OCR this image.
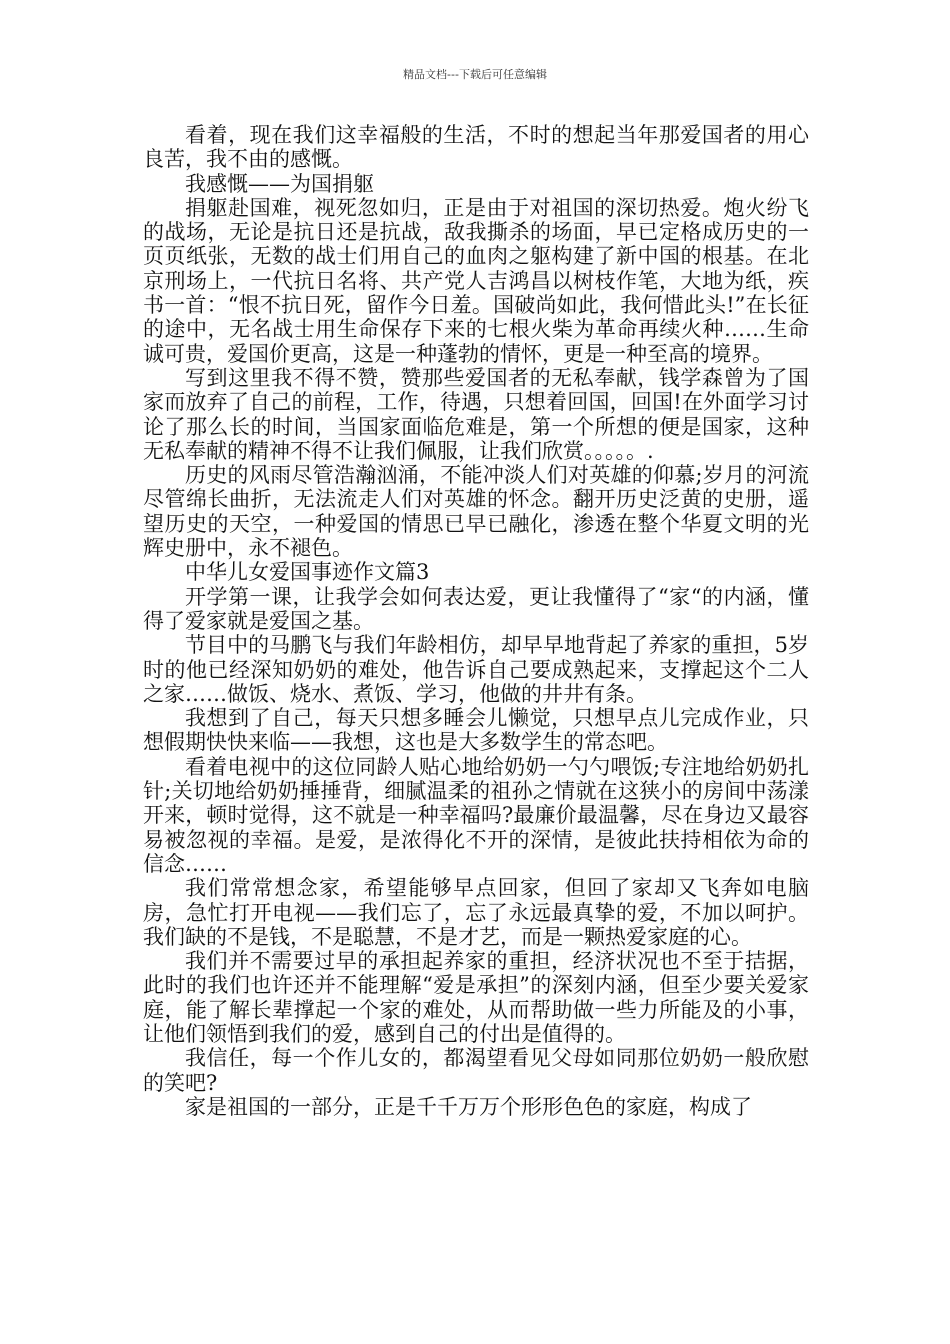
精品文档---下载后可任意编辑

看着，现在我们这幸福般的生活，不时的想起当年那爱国者的用心良苦，我不由的感慨。

我感慨——为国捐躯

捐躯赴国难，视死忽如归，正是由于对祖国的深切热爱。炮火纷飞的战场，无论是抗日还是抗战，敌我撕杀的场面，早已定格成历史的一页页纸张，无数的战士们用自己的血肉之躯构建了新中国的根基。在北京刑场上，一代抗日名将、共产党人吉鸿昌以树枝作笔，大地为纸，疾书一首：“恨不抗日死，留作今日羞。国破尚如此，我何惜此头!”在长征的途中，无名战士用生命保存下来的七根火柴为革命再续火种……生命诚可贵，爱国价更高，这是一种蓬勃的情怀，更是一种至高的境界。

写到这里我不得不赞，赞那些爱国者的无私奉献，钱学森曾为了国家而放弃了自己的前程，工作，待遇，只想着回国，回国!在外面学习讨论了那么长的时间，当国家面临危难是，第一个所想的便是国家，这种无私奉献的精神不得不让我们佩服，让我们欣赏。。。。。.

历史的风雨尽管浩瀚汹涌，不能冲淡人们对英雄的仰慕;岁月的河流尽管绵长曲折，无法流走人们对英雄的怀念。翻开历史泛黄的史册，遥望历史的天空，一种爱国的情思已早已融化，渗透在整个华夏文明的光辉史册中，永不褪色。

中华儿女爱国事迹作文篇3

开学第一课，让我学会如何表达爱，更让我懂得了“家“的内涵，懂得了爱家就是爱国之基。

节目中的马鹏飞与我们年龄相仿，却早早地背起了养家的重担，5岁时的他已经深知奶奶的难处，他告诉自己要成熟起来，支撑起这个二人之家……做饭、烧水、煮饭、学习，他做的井井有条。

我想到了自己，每天只想多睡会儿懒觉，只想早点儿完成作业，只想假期快快来临——我想，这也是大多数学生的常态吧。

看着电视中的这位同龄人贴心地给奶奶一勺勺喂饭;专注地给奶奶扎针;关切地给奶奶捶捶背，细腻温柔的祖孙之情就在这狭小的房间中荡漾开来，顿时觉得，这不就是一种幸福吗?最廉价最温馨，尽在身边又最容易被忽视的幸福。是爱，是浓得化不开的深情，是彼此扶持相依为命的信念……

我们常常想念家，希望能够早点回家，但回了家却又飞奔如电脑房，急忙打开电视——我们忘了，忘了永远最真挚的爱，不加以呵护。我们缺的不是钱，不是聪慧，不是才艺，而是一颗热爱家庭的心。

我们并不需要过早的承担起养家的重担，经济状况也不至于拮据，此时的我们也许还并不能理解“爱是承担”的深刻内涵，但至少要关爱家庭，能了解长辈撑起一个家的难处，从而帮助做一些力所能及的小事，让他们领悟到我们的爱，感到自己的付出是值得的。

我信任，每一个作儿女的，都渴望看见父母如同那位奶奶一般欣慰的笑吧?

家是祖国的一部分，正是千千万万个形形色色的家庭，构成了
